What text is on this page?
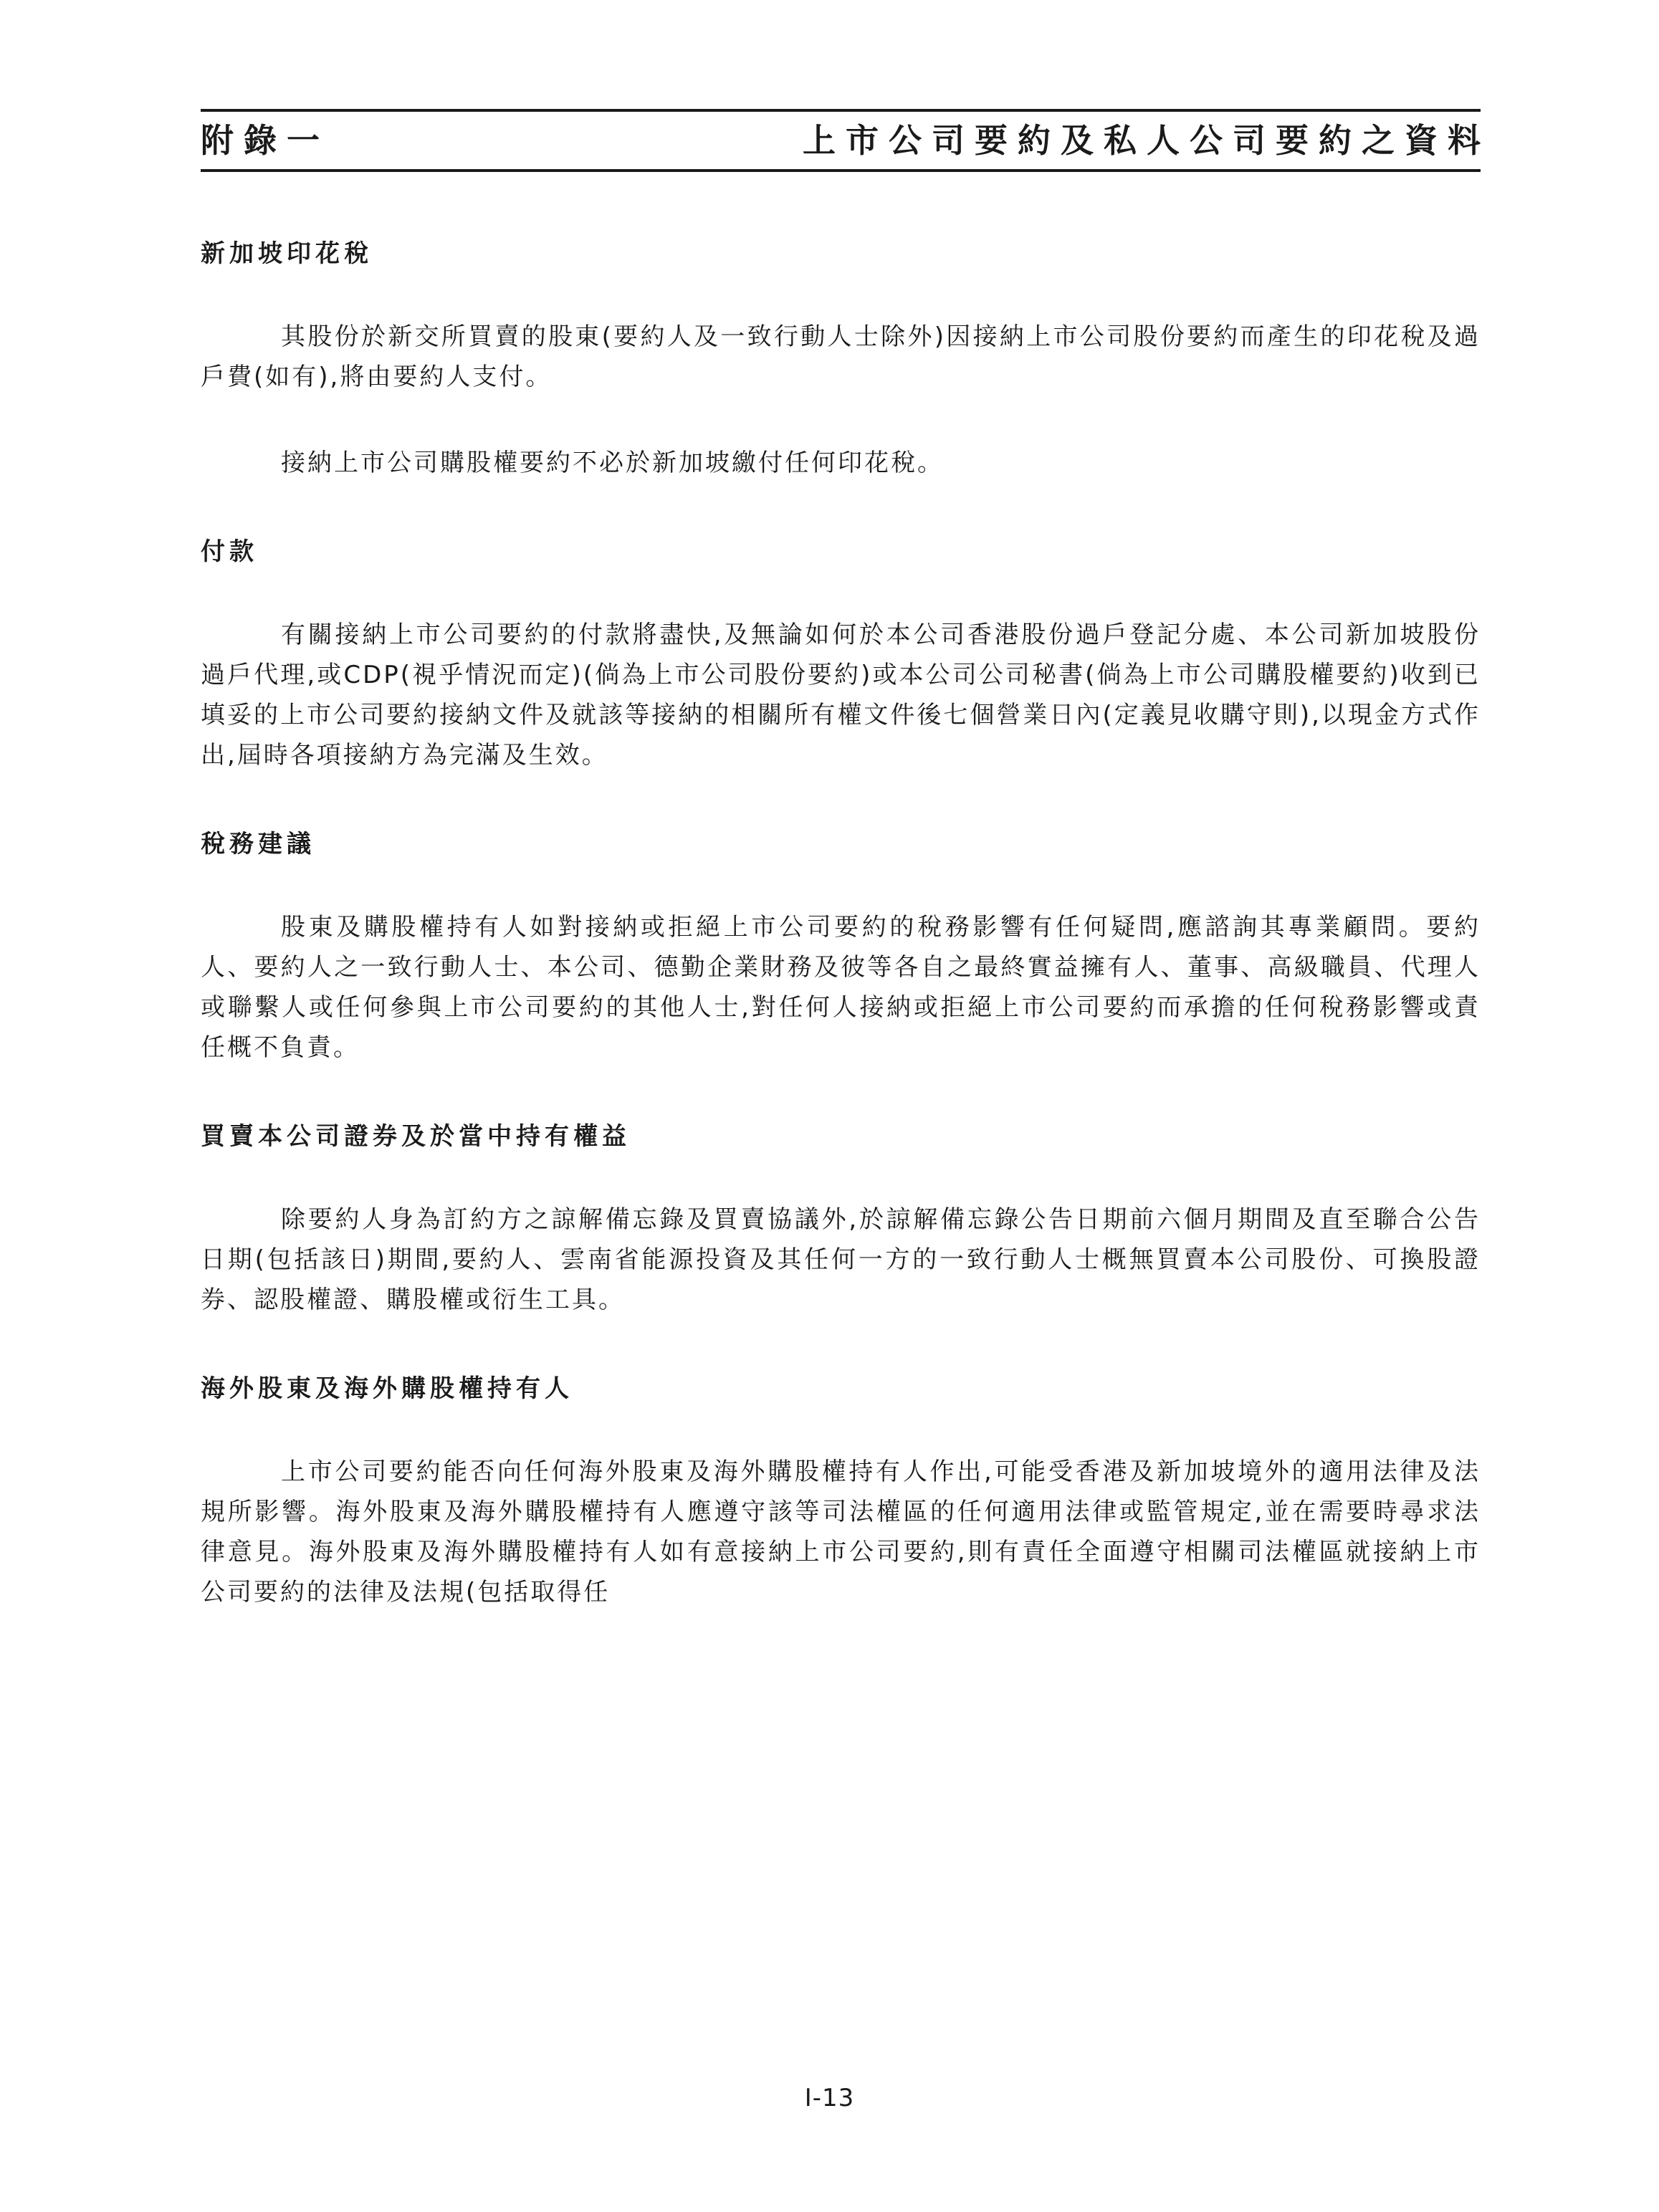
附錄一	上市公司要約及私人公司要約之資料
新加坡印花稅

其股份於新交所買賣的股東(要約人及一致行動人士除外)因接納上市公司股份要約而產生的印花稅及過戶費(如有),將由要約人支付。

接納上市公司購股權要約不必於新加坡繳付任何印花稅。

付款

有關接納上市公司要約的付款將盡快,及無論如何於本公司香港股份過戶登記分處、本公司新加坡股份過戶代理,或CDP(視乎情況而定)(倘為上市公司股份要約)或本公司公司秘書(倘為上市公司購股權要約)收到已填妥的上市公司要約接納文件及就該等接納的相關所有權文件後七個營業日內(定義見收購守則),以現金方式作出,屆時各項接納方為完滿及生效。

稅務建議

股東及購股權持有人如對接納或拒絕上市公司要約的稅務影響有任何疑問,應諮詢其專業顧問。要約人、要約人之一致行動人士、本公司、德勤企業財務及彼等各自之最終實益擁有人、董事、高級職員、代理人或聯繫人或任何參與上市公司要約的其他人士,對任何人接納或拒絕上市公司要約而承擔的任何稅務影響或責任概不負責。

買賣本公司證券及於當中持有權益

除要約人身為訂約方之諒解備忘錄及買賣協議外,於諒解備忘錄公告日期前六個月期間及直至聯合公告日期(包括該日)期間,要約人、雲南省能源投資及其任何一方的一致行動人士概無買賣本公司股份、可換股證券、認股權證、購股權或衍生工具。

海外股東及海外購股權持有人

上市公司要約能否向任何海外股東及海外購股權持有人作出,可能受香港及新加坡境外的適用法律及法規所影響。海外股東及海外購股權持有人應遵守該等司法權區的任何適用法律或監管規定,並在需要時尋求法律意見。海外股東及海外購股權持有人如有意接納上市公司要約,則有責任全面遵守相關司法權區就接納上市公司要約的法律及法規(包括取得任

I-13
